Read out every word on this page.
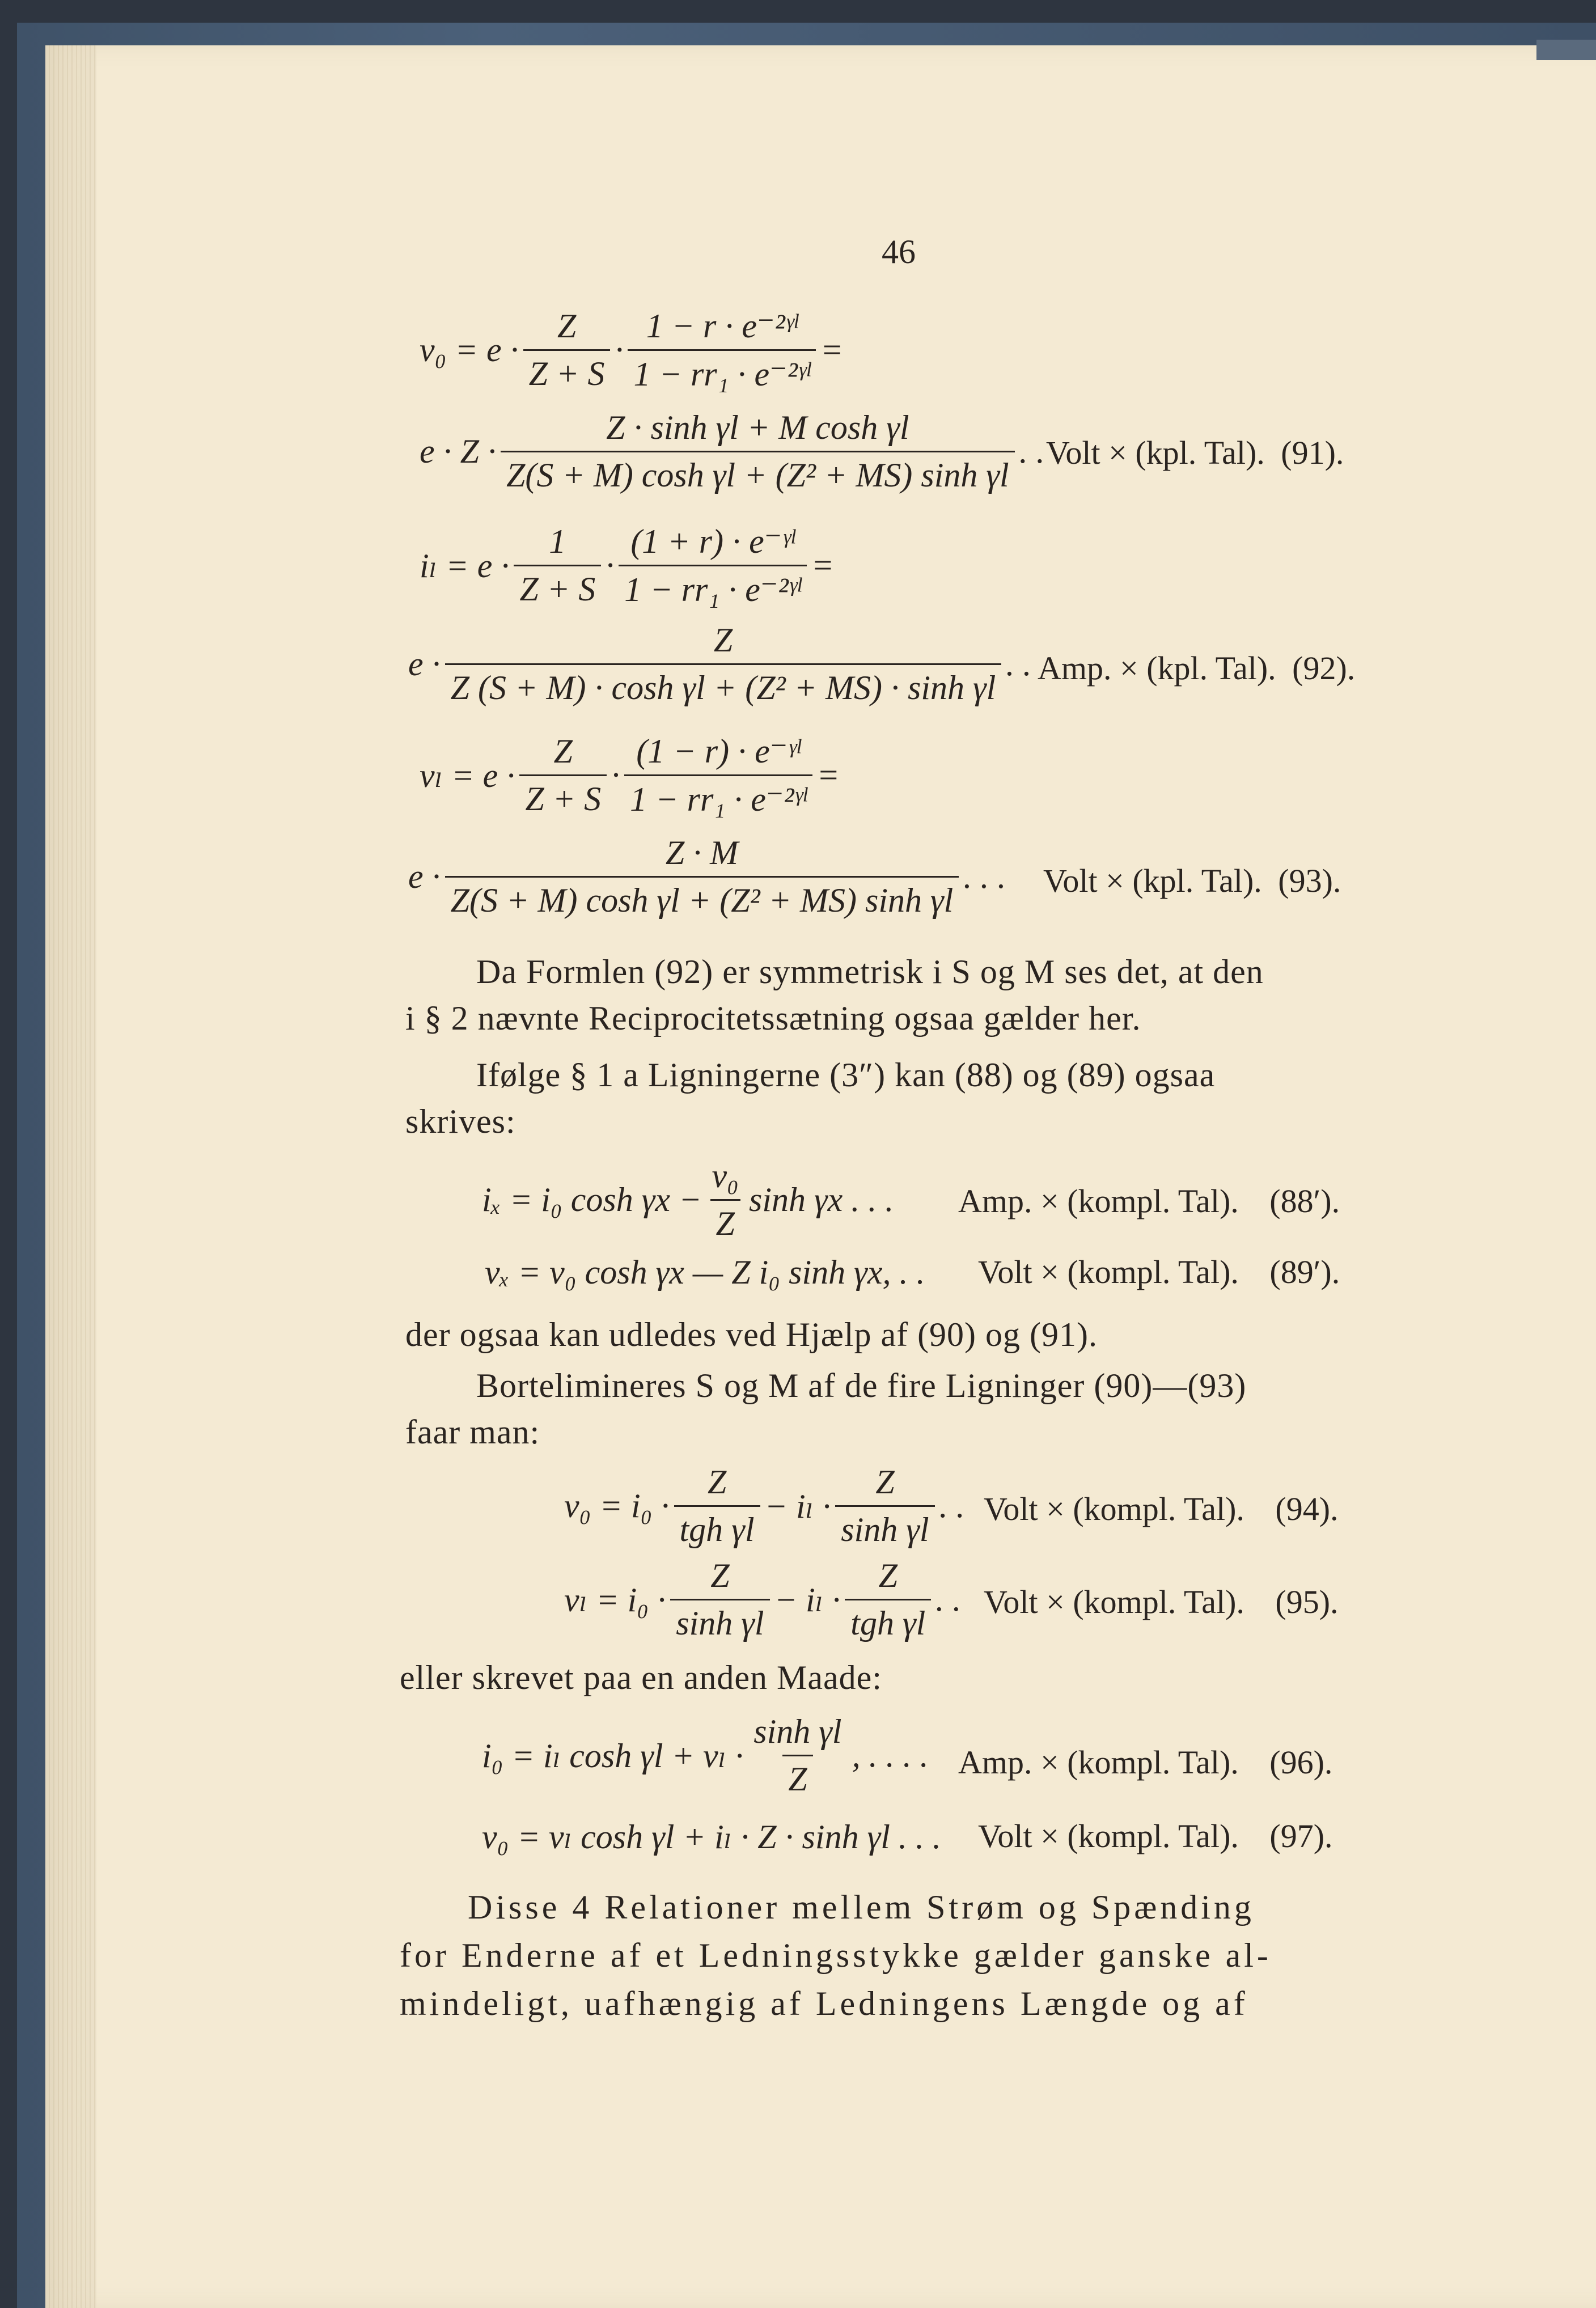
46
$v_0 = e \cdot \frac{Z}{Z + S} \cdot \frac{\text{1 − r · e⁻²ᵞˡ}}{\text{1 − rr₁ · e⁻²ᵞˡ}}$ =
$e \cdot Z \cdot \frac{\text{Z · sinh γl + M cosh γl}}{\text{Z(S + M) cosh γl + (Z² + MS) sinh γl}}$ . . Volt × (kpl. Tal). (91).
$i_l = e \cdot \frac{1}{Z + S} \cdot \frac{\text{(1 + r) · e⁻ᵞˡ}}{\text{1 − rr₁ · e⁻²ᵞˡ}}$ =
$e \cdot \frac{Z}{\text{Z (S + M) · cosh γl + (Z² + MS) · sinh γl}}$ . . Amp. × (kpl. Tal). (92).
$v_l = e \cdot \frac{Z}{Z + S} \cdot \frac{\text{(1 − r) · e⁻ᵞˡ}}{\text{1 − rr₁ · e⁻²ᵞˡ}}$ =
$e \cdot \frac{Z \cdot M}{\text{Z(S + M) cosh γl + (Z² + MS) sinh γl}}$ . . . Volt × (kpl. Tal). (93).
Da Formlen (92) er symmetrisk i S og M ses det, at den
i § 2 nævnte Reciprocitetssætning ogsaa gælder her.
Ifølge § 1 a Ligningerne (3″) kan (88) og (89) ogsaa
skrives:
iₓ = i₀ $\cosh \gamma x - \frac{\text{v₀}}{Z}$ sinh γx . . . Amp. × (kompl. Tal). (88′).
vₓ = v₀ cosh γx — Z i₀ sinh γx, . . Volt × (kompl. Tal). (89′).
der ogsaa kan udledes ved Hjælp af (90) og (91).
Bortelimineres S og M af de fire Ligninger (90)—(93)
faar man:
$v_0 = i_0 \cdot \frac{Z}{\text{tgh γl}} - i_l \cdot \frac{Z}{\text{sinh γl}}$ . . Volt × (kompl. Tal). (94).
$v_l = i_0 \cdot \frac{Z}{\text{sinh γl}} - i_l \cdot \frac{Z}{\text{tgh γl}}$ . . Volt × (kompl. Tal). (95).
eller skrevet paa en anden Maade:
i₀ = iₗ $\cosh \gamma l + v_l \cdot \frac{\text{sinh γl}}{Z}$ , . . . . Amp. × (kompl. Tal). (96).
v₀ = vₗ cosh γl + iₗ · Z · sinh γl . . . Volt × (kompl. Tal). (97).
Disse 4 Relationer mellem Strøm og Spænding
for Enderne af et Ledningsstykke gælder ganske al-
mindeligt, uafhængig af Ledningens Længde og af
